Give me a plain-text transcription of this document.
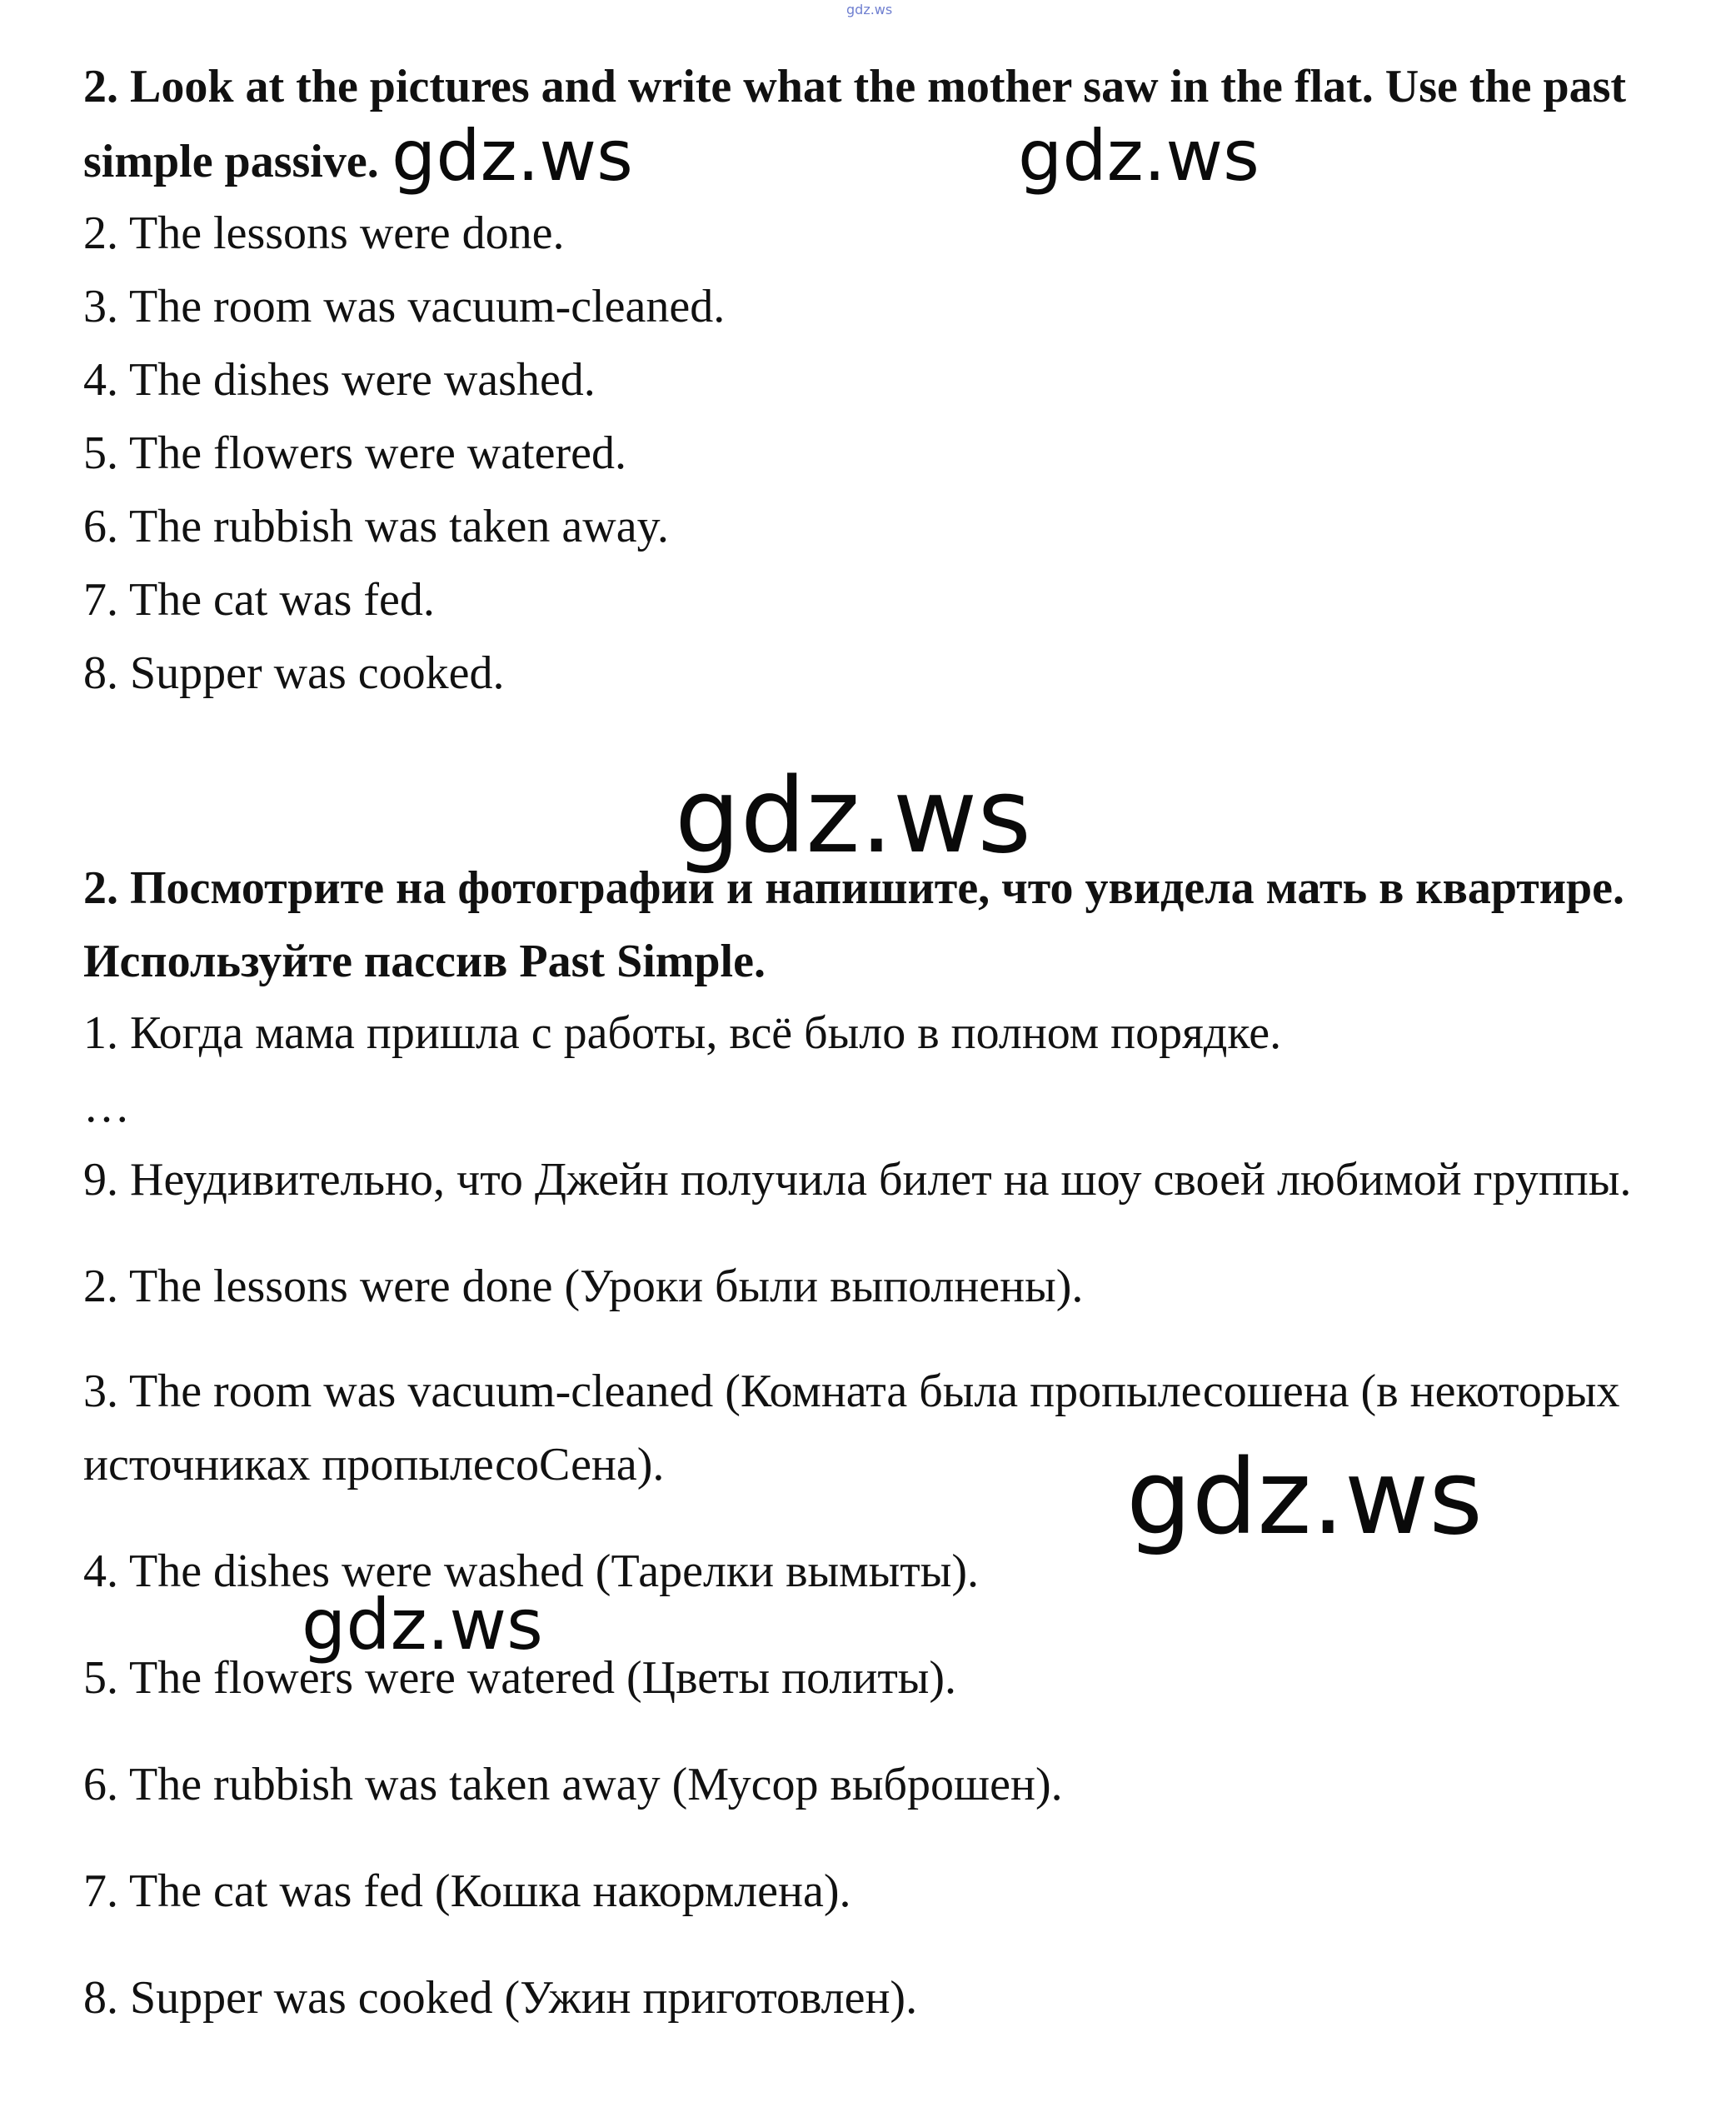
gdz.ws
2. Look at the pictures and write what the mother saw in the flat. Use the past
simple passive.
2. The lessons were done.
3. The room was vacuum-cleaned.
4. The dishes were washed.
5. The flowers were watered.
6. The rubbish was taken away.
7. The cat was fed.
8. Supper was cooked.
2. Посмотрите на фотографии и напишите, что увидела мать в квартире.
Используйте пассив Past Simple.
1. Когда мама пришла с работы, всё было в полном порядке.
…
9. Неудивительно, что Джейн получила билет на шоу своей любимой группы.
2. The lessons were done (Уроки были выполнены).
3. The room was vacuum-cleaned (Комната была пропылесошена (в некоторых
источниках пропылесоСена).
4. The dishes were washed (Тарелки вымыты).
5. The flowers were watered (Цветы политы).
6. The rubbish was taken away (Мусор выброшен).
7. The cat was fed (Кошка накормлена).
8. Supper was cooked (Ужин приготовлен).
gdz.ws	gdz.ws
gdz.ws
gdz.ws
gdz.ws
